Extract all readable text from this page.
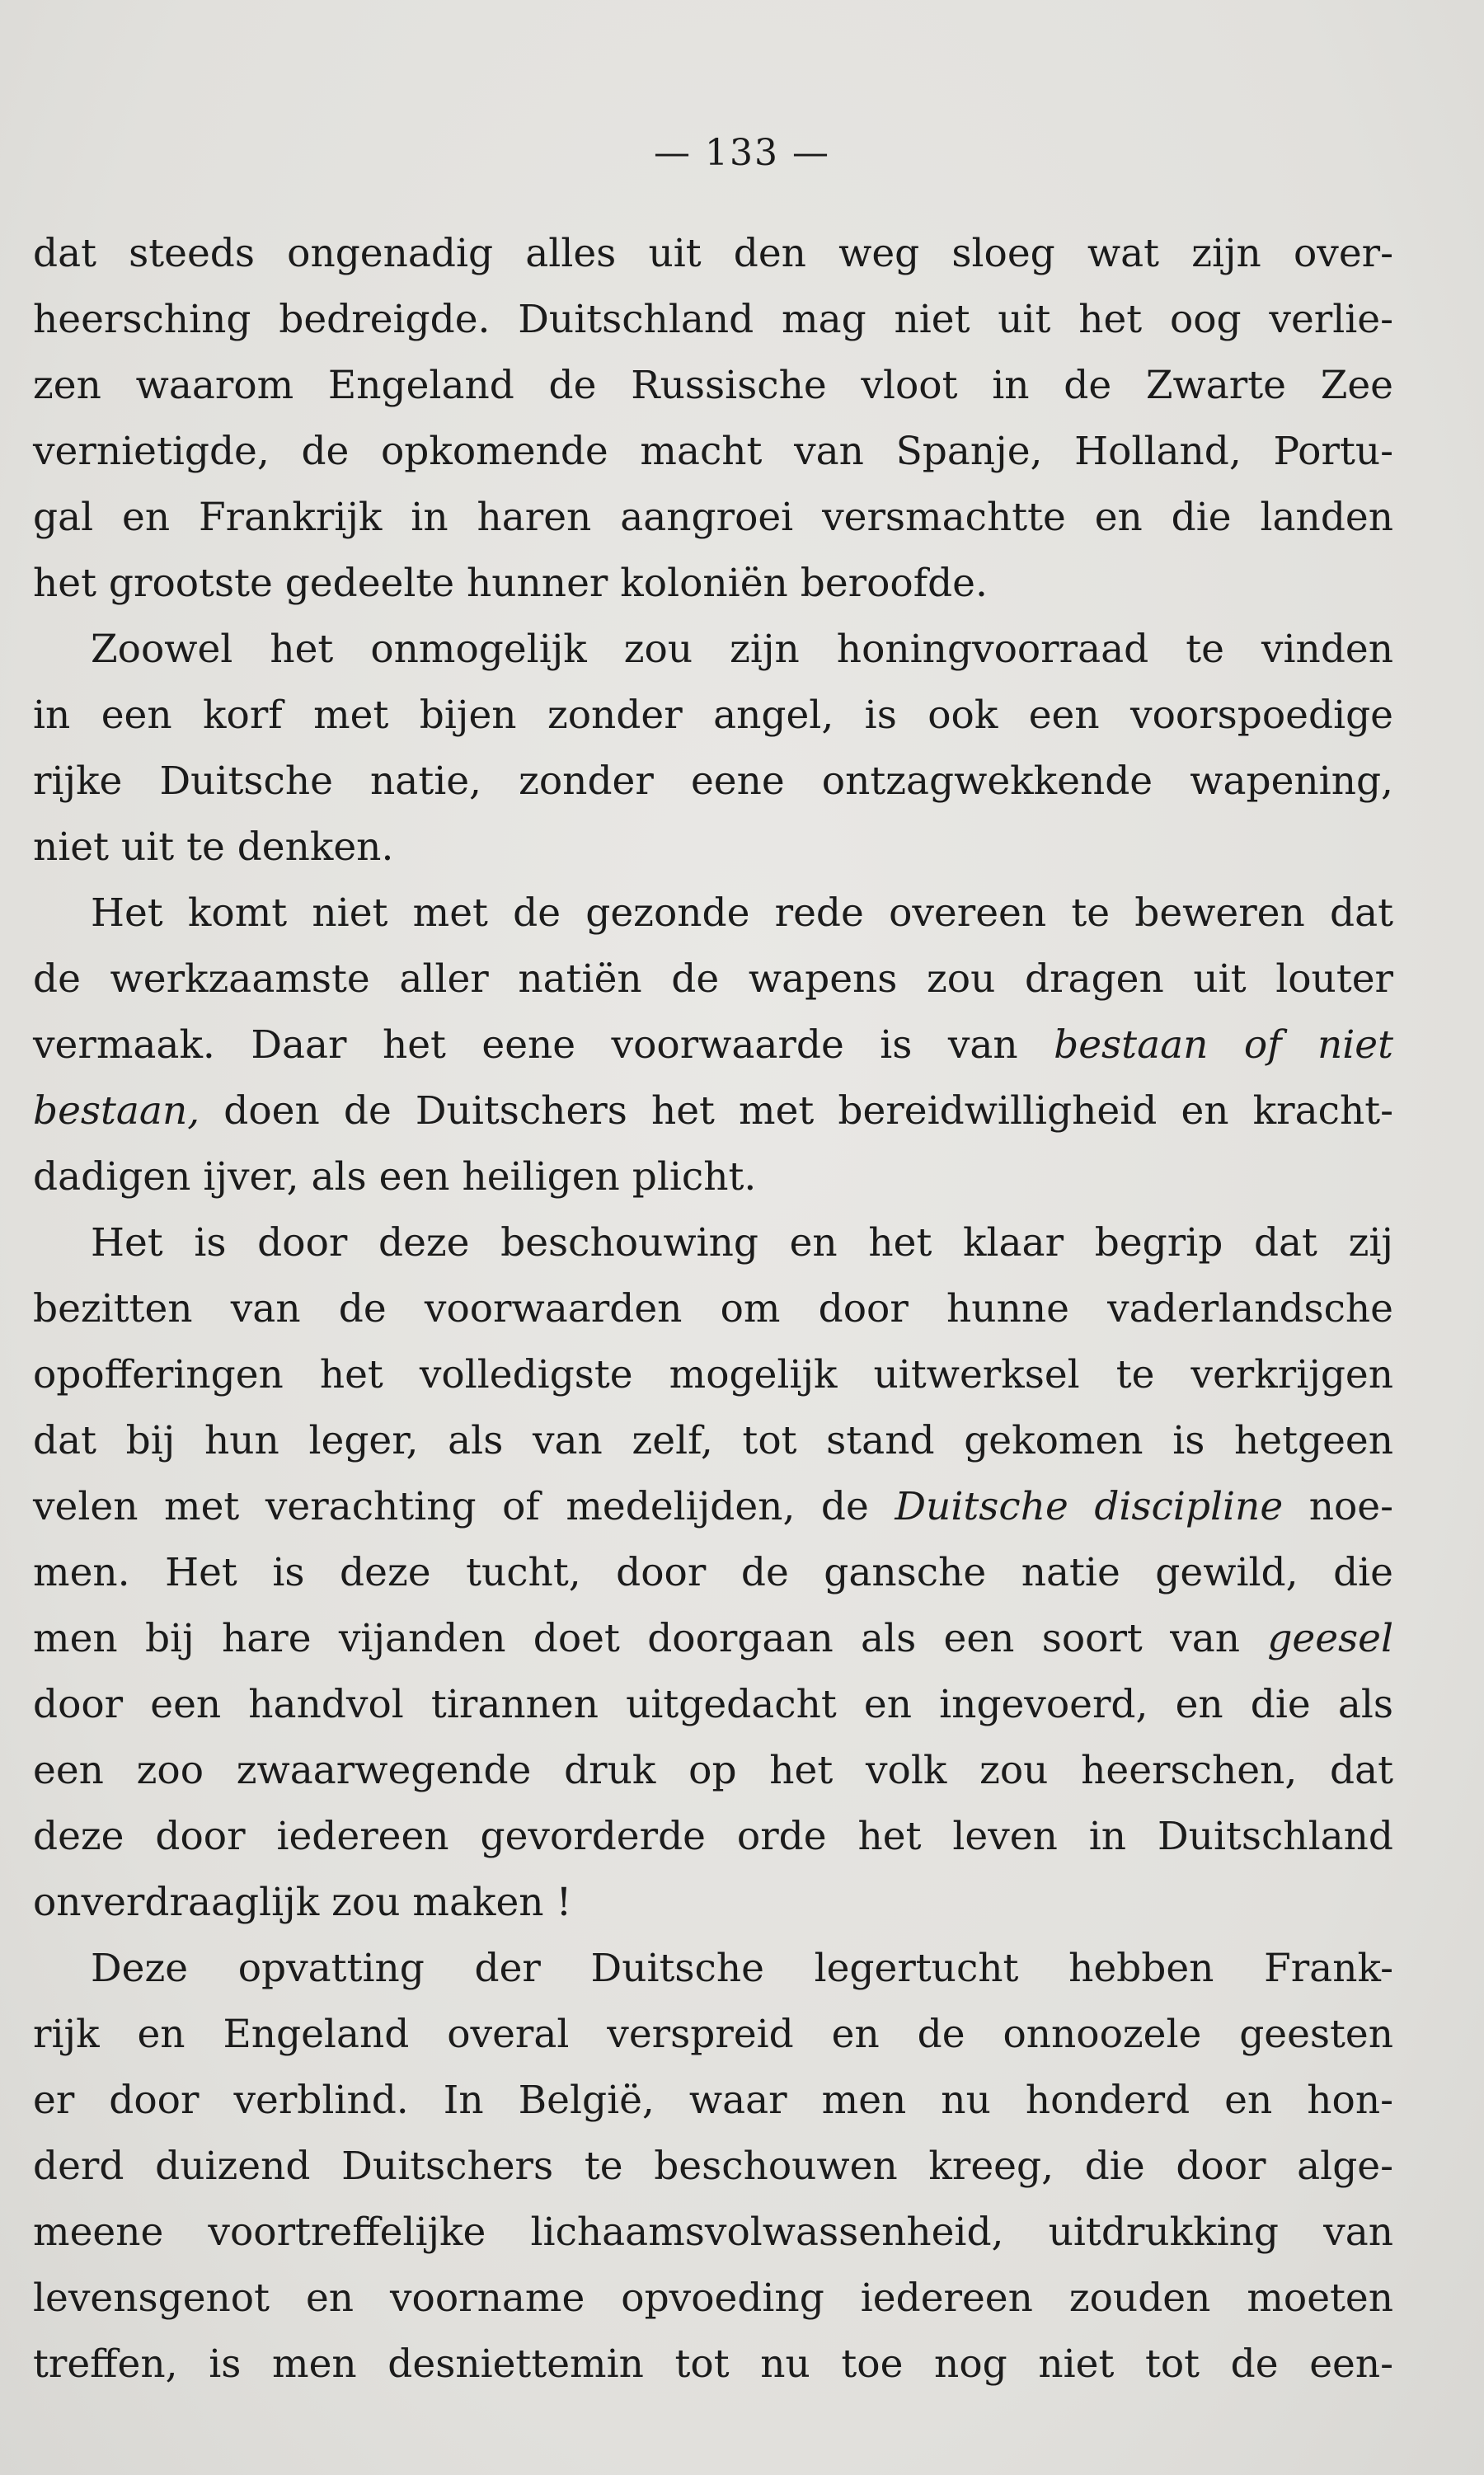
— 133 —
dat steeds ongenadig alles uit den weg sloeg wat zijn over-
heersching bedreigde. Duitschland mag niet uit het oog verlie-
zen waarom Engeland de Russische vloot in de Zwarte Zee
vernietigde, de opkomende macht van Spanje, Holland, Portu-
gal en Frankrijk in haren aangroei versmachtte en die landen
het grootste gedeelte hunner koloniën beroofde.
Zoowel het onmogelijk zou zijn honingvoorraad te vinden
in een korf met bijen zonder angel, is ook een voorspoedige
rijke Duitsche natie, zonder eene ontzagwekkende wapening,
niet uit te denken.
Het komt niet met de gezonde rede overeen te beweren dat
de werkzaamste aller natiën de wapens zou dragen uit louter
vermaak. Daar het eene voorwaarde is van bestaan of niet
bestaan, doen de Duitschers het met bereidwilligheid en kracht-
dadigen ijver, als een heiligen plicht.
Het is door deze beschouwing en het klaar begrip dat zij
bezitten van de voorwaarden om door hunne vaderlandsche
opofferingen het volledigste mogelijk uitwerksel te verkrijgen
dat bij hun leger, als van zelf, tot stand gekomen is hetgeen
velen met verachting of medelijden, de Duitsche discipline noe-
men. Het is deze tucht, door de gansche natie gewild, die
men bij hare vijanden doet doorgaan als een soort van geesel
door een handvol tirannen uitgedacht en ingevoerd, en die als
een zoo zwaarwegende druk op het volk zou heerschen, dat
deze door iedereen gevorderde orde het leven in Duitschland
onverdraaglijk zou maken !
Deze opvatting der Duitsche legertucht hebben Frank-
rijk en Engeland overal verspreid en de onnoozele geesten
er door verblind. In België, waar men nu honderd en hon-
derd duizend Duitschers te beschouwen kreeg, die door algе-
meene voortreffelijke lichaamsvolwassenheid, uitdrukking van
levensgenot en voorname opvoeding iedereen zouden moeten
treffen, is men desniettemin tot nu toe nog niet tot de een-
